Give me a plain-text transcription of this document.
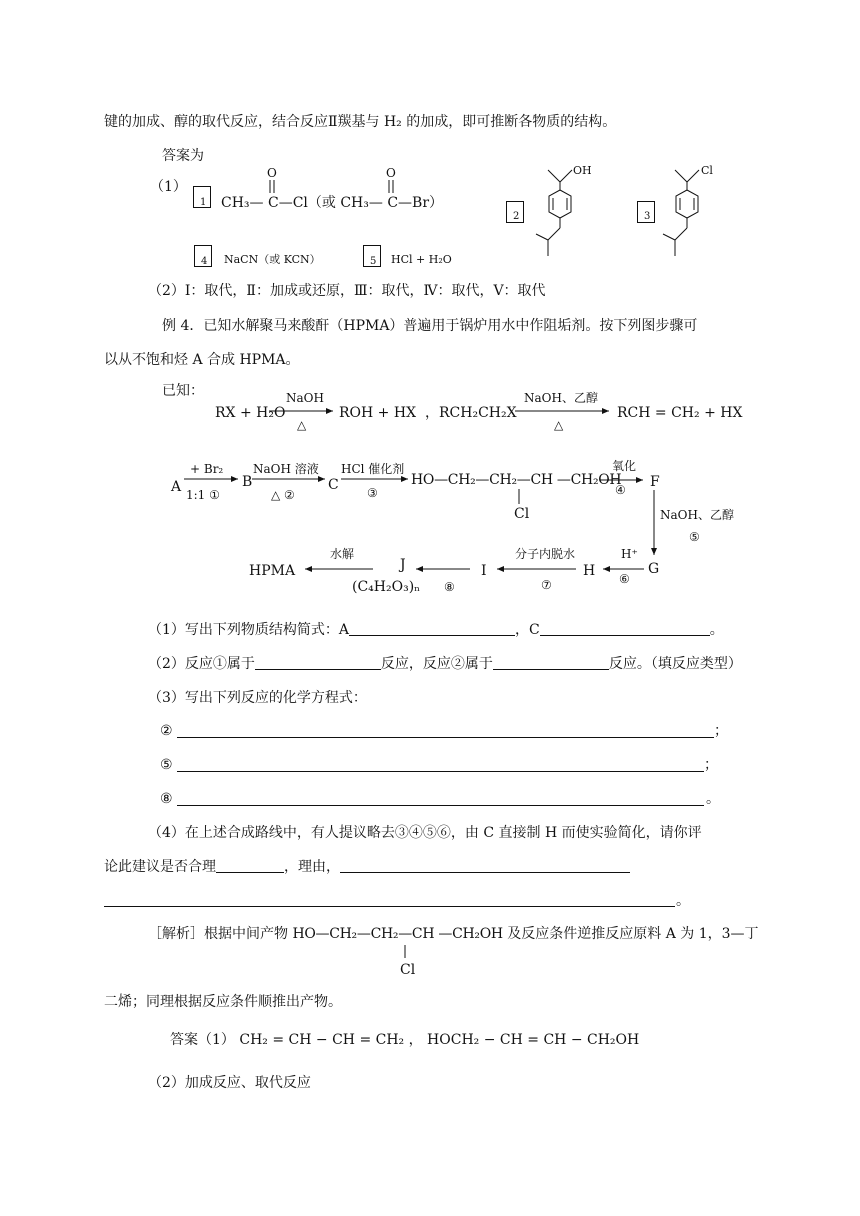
键的加成、醇的取代反应，结合反应Ⅱ羰基与 H₂ 的加成，即可推断各物质的结构。
答案为
（1）
1 CH₃— C—Cl（或 CH₃— C—Br）
O	O
2
OH
3
Cl
4 NaCN（或 KCN）	5 HCl + H₂O
（2）Ⅰ：取代，Ⅱ：加成或还原，Ⅲ：取代，Ⅳ：取代，Ⅴ：取代
例 4．已知水解聚马来酸酐（HPMA）普遍用于锅炉用水中作阻垢剂。按下列图步骤可
以从不饱和烃 A 合成 HPMA。
已知：
RX + H₂O
NaOH
△
ROH + HX ，RCH₂CH₂X
NaOH、乙醇
△
RCH = CH₂ + HX
A
+ Br₂
1:1 ①
B
NaOH 溶液
△ ②
C
HCl 催化剂
③
HO—CH₂—CH₂—CH —CH₂OH
Cl
氧化
④ F
NaOH、乙醇
⑤
G
H⁺
⑥
H
分子内脱水
⑦
I
J
(C₄H₂O₃)ₙ ⑧
水解
HPMA
（1）写出下列物质结构简式：A	，C	。
（2）反应①属于	反应，反应②属于	反应。（填反应类型）
（3）写出下列反应的化学方程式：
②	；
⑤	；
⑧	。
（4）在上述合成路线中，有人提议略去③④⑤⑥，由 C 直接制 H 而使实验简化，请你评
论此建议是否合理	，理由，
。
［解析］根据中间产物 HO—CH₂—CH₂—CH —CH₂OH 及反应条件逆推反应原料 A 为 1，3—丁
Cl
二烯；同理根据反应条件顺推出产物。
答案（1） CH₂ = CH − CH = CH₂ ， HOCH₂ − CH = CH − CH₂OH
（2）加成反应、取代反应
